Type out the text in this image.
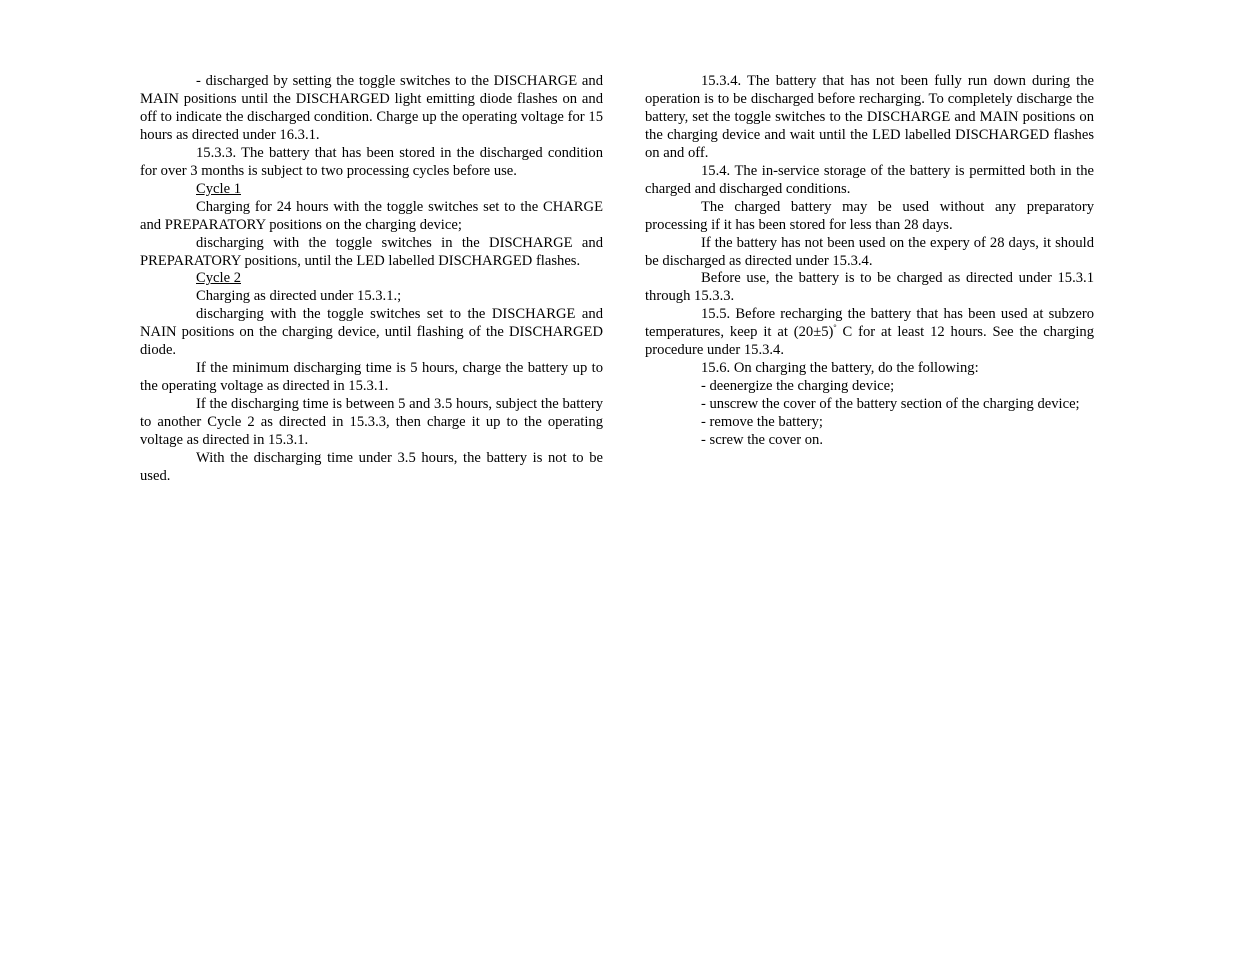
- discharged by setting the toggle switches to the DISCHARGE and MAIN positions until the DISCHARGED light emitting diode flashes on and off to indicate the discharged condition. Charge up the operating voltage for 15 hours as directed under 16.3.1.

15.3.3. The battery that has been stored in the discharged condition for over 3 months is subject to two processing cycles before use.

Cycle 1

Charging for 24 hours with the toggle switches set to the CHARGE and PREPARATORY positions on the charging device;

discharging with the toggle switches in the DISCHARGE and PREPARATORY positions, until the LED labelled DISCHARGED flashes.

Cycle 2

Charging as directed under 15.3.1.;

discharging with the toggle switches set to the DISCHARGE and NAIN positions on the charging device, until flashing of the DISCHARGED diode.

If the minimum discharging time is 5 hours, charge the battery up to the operating voltage as directed in 15.3.1.

If the discharging time is between 5 and 3.5 hours, subject the battery to another Cycle 2 as directed in 15.3.3, then charge it up to the operating voltage as directed in 15.3.1.

With the discharging time under 3.5 hours, the battery is not to be used.

15.3.4. The battery that has not been fully run down during the operation is to be discharged before recharging. To completely discharge the battery, set the toggle switches to the DISCHARGE and MAIN positions on the charging device and wait until the LED labelled DISCHARGED flashes on and off.

15.4. The in-service storage of the battery is permitted both in the charged and discharged conditions.

The charged battery may be used without any preparatory processing if it has been stored for less than 28 days.

If the battery has not been used on the expery of 28 days, it should be discharged as directed under 15.3.4.

Before use, the battery is to be charged as directed under 15.3.1 through 15.3.3.

15.5. Before recharging the battery that has been used at subzero temperatures, keep it at (20±5)° C for at least 12 hours. See the charging procedure under 15.3.4.

15.6. On charging the battery, do the following:

- deenergize the charging device;

- unscrew the cover of the battery section of the charging device;

- remove the battery;

- screw the cover on.
